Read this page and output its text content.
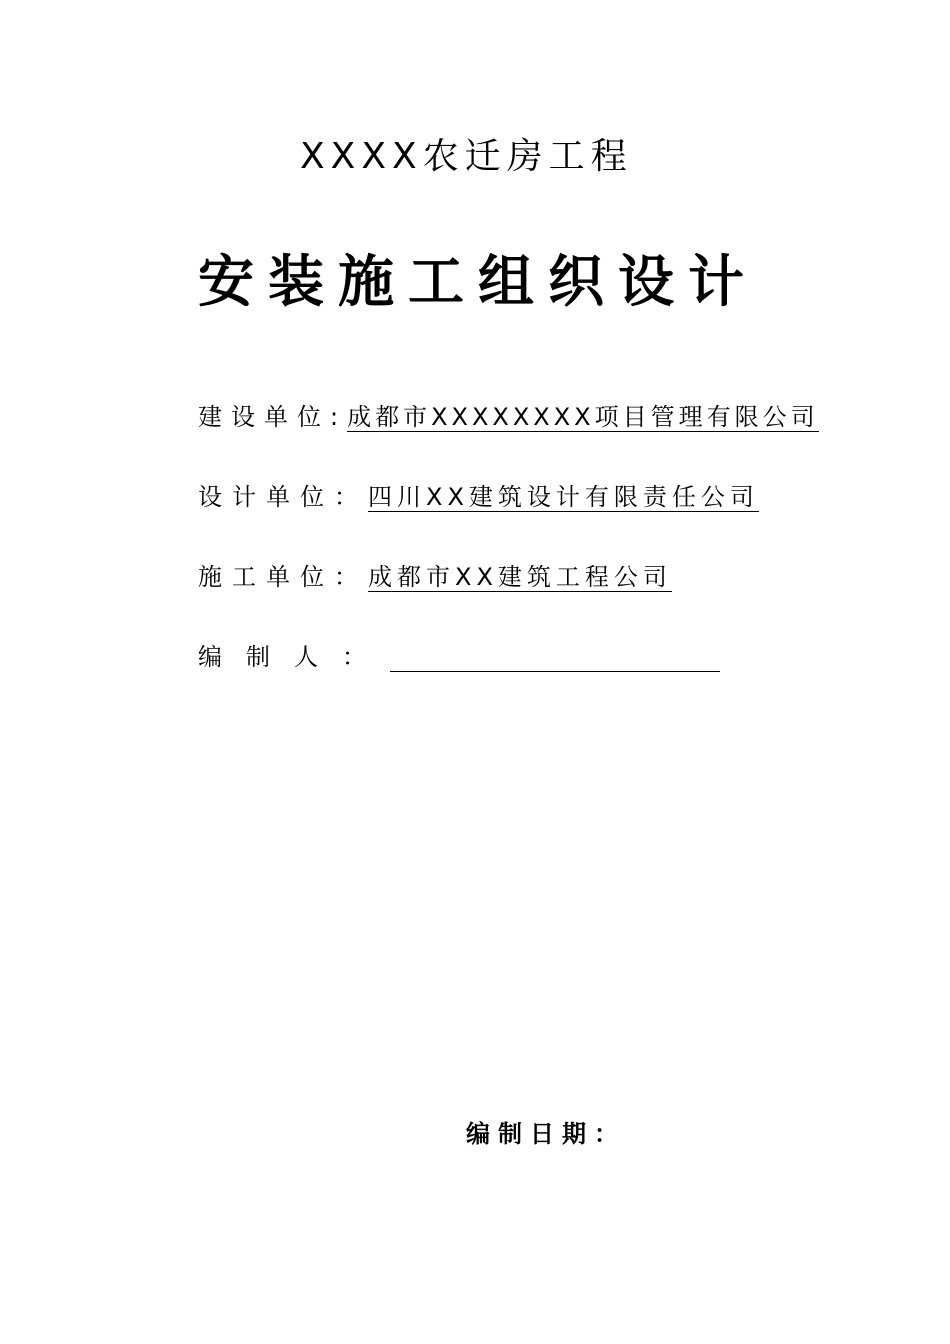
XXXX农迁房工程
安装施工组织设计
建设单位: 成都市XXXXXXXX项目管理有限公司
设计单位： 四川XX建筑设计有限责任公司
施工单位： 成都市XX建筑工程公司
编制人：
编制日期：
